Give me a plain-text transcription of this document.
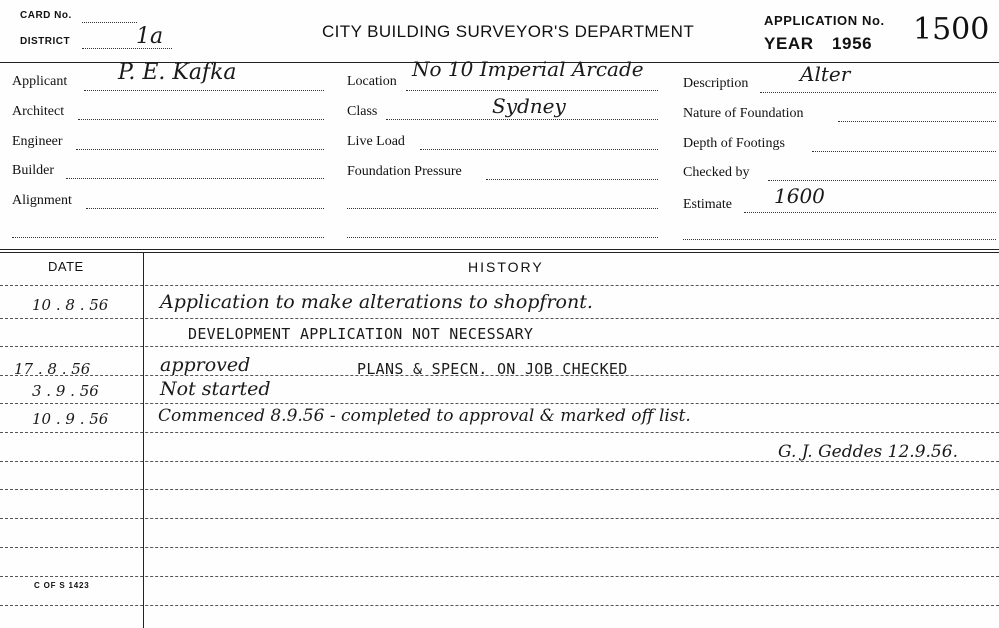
CARD No.
DISTRICT	1a	CITY BUILDING SURVEYOR'S DEPARTMENT
APPLICATION No.
YEAR 1956 1500
Applicant P. E. Kafka
Architect
Engineer
Builder
Alignment
Location
No 10 Imperial Arcade
Class	Sydney
Live Load
Foundation Pressure
Description	Alter
Nature of Foundation
Depth of Footings
Checked by
Estimate 1600
DATE	HISTORY
10 . 8 . 56	Application to make alterations to shopfront.
DEVELOPMENT APPLICATION NOT NECESSARY
17 . 8 . 56	approved	PLANS & SPECN. ON JOB CHECKED
3 . 9 . 56	Not started
10 . 9 . 56	Commenced 8.9.56 - completed to approval & marked off list.
G. J. Geddes 12.9.56.
C OF S 1423
